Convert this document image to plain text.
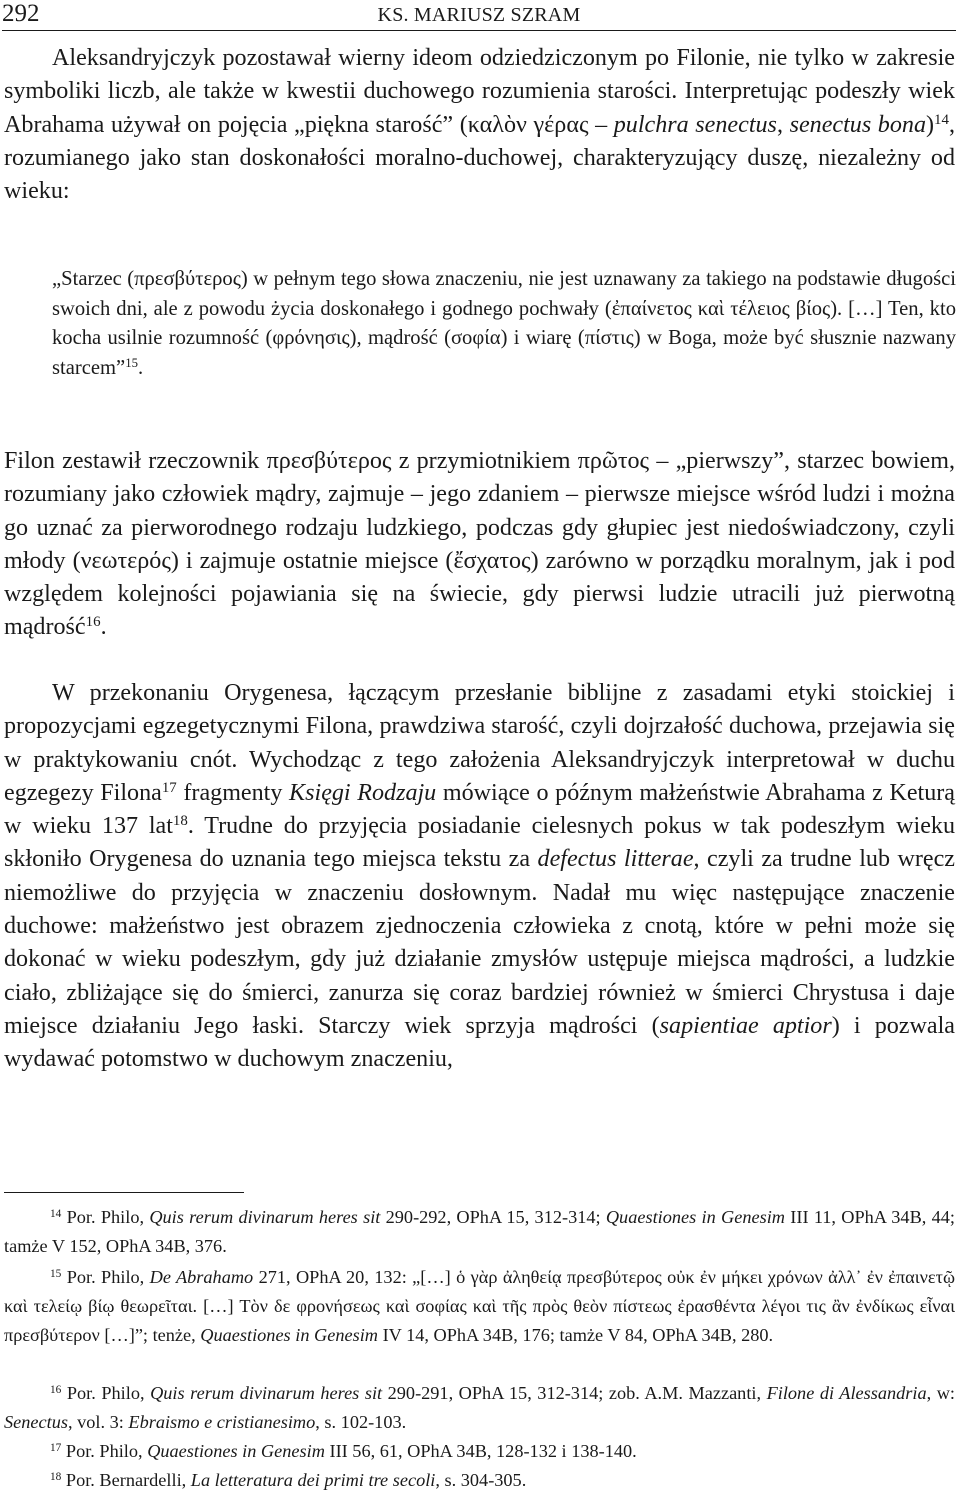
292	KS. MARIUSZ SZRAM

Aleksandryjczyk pozostawał wierny ideom odziedziczonym po Filonie, nie tylko w zakresie symboliki liczb, ale także w kwestii duchowego rozumienia starości. Interpretując podeszły wiek Abrahama używał on pojęcia „piękna starość” (καλὸν γέρας – pulchra senectus, senectus bona)$^{14}$, rozumianego jako stan doskonałości moralno-duchowej, charakteryzujący duszę, niezależny od wieku:

„Starzec (πρεσβύτερος) w pełnym tego słowa znaczeniu, nie jest uznawany za takiego na podstawie długości swoich dni, ale z powodu życia doskonałego i godnego pochwały (ἐπαίνετος καὶ τέλειος βίος). […] Ten, kto kocha usilnie rozumność (φρόνησις), mądrość (σοφία) i wiarę (πίστις) w Boga, może być słusznie nazwany starcem”$^{15}$.

Filon zestawił rzeczownik πρεσβύτερος z przymiotnikiem πρῶτος – „pierwszy”, starzec bowiem, rozumiany jako człowiek mądry, zajmuje – jego zdaniem – pierwsze miejsce wśród ludzi i można go uznać za pierworodnego rodzaju ludzkiego, podczas gdy głupiec jest niedoświadczony, czyli młody (νεωτερός) i zajmuje ostatnie miejsce (ἔσχατος) zarówno w porządku moralnym, jak i pod względem kolejności pojawiania się na świecie, gdy pierwsi ludzie utracili już pierwotną mądrość$^{16}$.

W przekonaniu Orygenesa, łączącym przesłanie biblijne z zasadami etyki stoickiej i propozycjami egzegetycznymi Filona, prawdziwa starość, czyli dojrzałość duchowa, przejawia się w praktykowaniu cnót. Wychodząc z tego założenia Aleksandryjczyk interpretował w duchu egzegezy Filona$^{17}$ fragmenty Księgi Rodzaju mówiące o późnym małżeństwie Abrahama z Keturą w wieku 137 lat$^{18}$. Trudne do przyjęcia posiadanie cielesnych pokus w tak podeszłym wieku skłoniło Orygenesa do uznania tego miejsca tekstu za defectus litterae, czyli za trudne lub wręcz niemożliwe do przyjęcia w znaczeniu dosłownym. Nadał mu więc następujące znaczenie duchowe: małżeństwo jest obrazem zjednoczenia człowieka z cnotą, które w pełni może się dokonać w wieku podeszłym, gdy już działanie zmysłów ustępuje miejsca mądrości, a ludzkie ciało, zbliżające się do śmierci, zanurza się coraz bardziej również w śmierci Chrystusa i daje miejsce działaniu Jego łaski. Starczy wiek sprzyja mądrości (sapientiae aptior) i pozwala wydawać potomstwo w duchowym znaczeniu,

$^{14}$ Por. Philo, Quis rerum divinarum heres sit 290-292, OPhA 15, 312-314; Quaestiones in Genesim III 11, OPhA 34B, 44; tamże V 152, OPhA 34B, 376.

$^{15}$ Por. Philo, De Abrahamo 271, OPhA 20, 132: „[…] ὁ γὰρ ἀληθείᾳ πρεσβύτερος οὐκ ἐν μήκει χρόνων ἀλλ᾽ ἐν ἐπαινετῷ καὶ τελείῳ βίῳ θεωρεῖται. […] Τὸν δε φρονήσεως καὶ σοφίας καὶ τῆς πρὸς θεὸν πίστεως ἐρασθέντα λέγοι τις ἂν ἐνδίκως εἶναι πρεσβύτερον […]”; tenże, Quaestiones in Genesim IV 14, OPhA 34B, 176; tamże V 84, OPhA 34B, 280.

$^{16}$ Por. Philo, Quis rerum divinarum heres sit 290-291, OPhA 15, 312-314; zob. A.M. Mazzanti, Filone di Alessandria, w: Senectus, vol. 3: Ebraismo e cristianesimo, s. 102-103.

$^{17}$ Por. Philo, Quaestiones in Genesim III 56, 61, OPhA 34B, 128-132 i 138-140.

$^{18}$ Por. Bernardelli, La letteratura dei primi tre secoli, s. 304-305.
